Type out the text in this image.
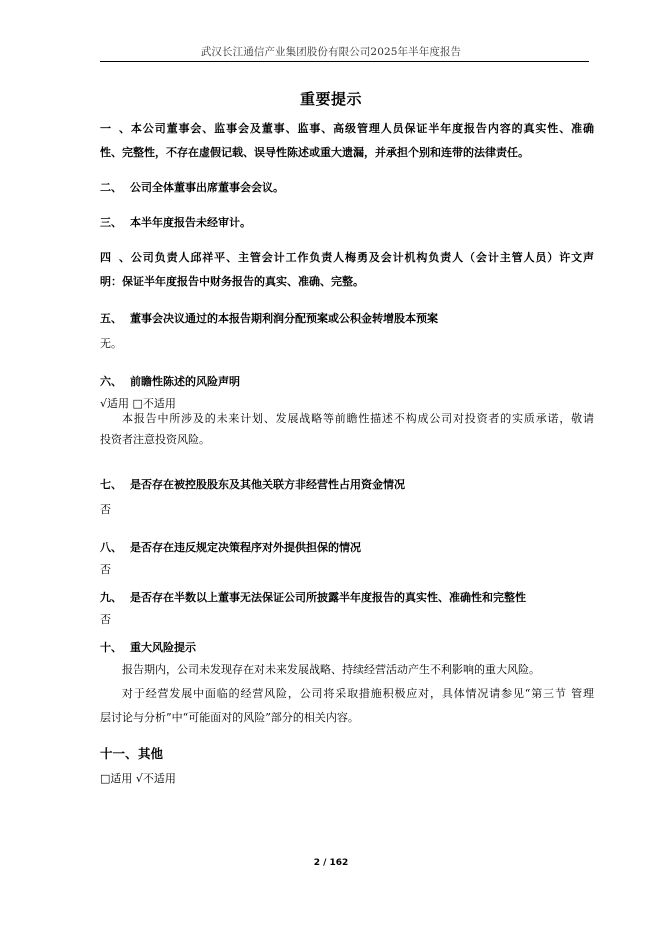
武汉长江通信产业集团股份有限公司2025年半年度报告
重要提示
一、本公司董事会、监事会及董事、监事、高级管理人员保证半年度报告内容的真实性、准确
性、完整性，不存在虚假记载、误导性陈述或重大遗漏，并承担个别和连带的法律责任。
二、 公司全体董事出席董事会会议。
三、 本半年度报告未经审计。
四、公司负责人邱祥平、主管会计工作负责人梅勇及会计机构负责人（会计主管人员）许文声
明：保证半年度报告中财务报告的真实、准确、完整。
五、 董事会决议通过的本报告期利润分配预案或公积金转增股本预案
无。
六、 前瞻性陈述的风险声明
√适用 □不适用
本报告中所涉及的未来计划、发展战略等前瞻性描述不构成公司对投资者的实质承诺，敬请
投资者注意投资风险。
七、 是否存在被控股股东及其他关联方非经营性占用资金情况
否
八、 是否存在违反规定决策程序对外提供担保的情况
否
九、 是否存在半数以上董事无法保证公司所披露半年度报告的真实性、准确性和完整性
否
十、 重大风险提示
报告期内，公司未发现存在对未来发展战略、持续经营活动产生不利影响的重大风险。
对于经营发展中面临的经营风险，公司将采取措施积极应对，具体情况请参见“第三节 管理
层讨论与分析”中“可能面对的风险”部分的相关内容。
十一、其他
□适用 √不适用
2 / 162
